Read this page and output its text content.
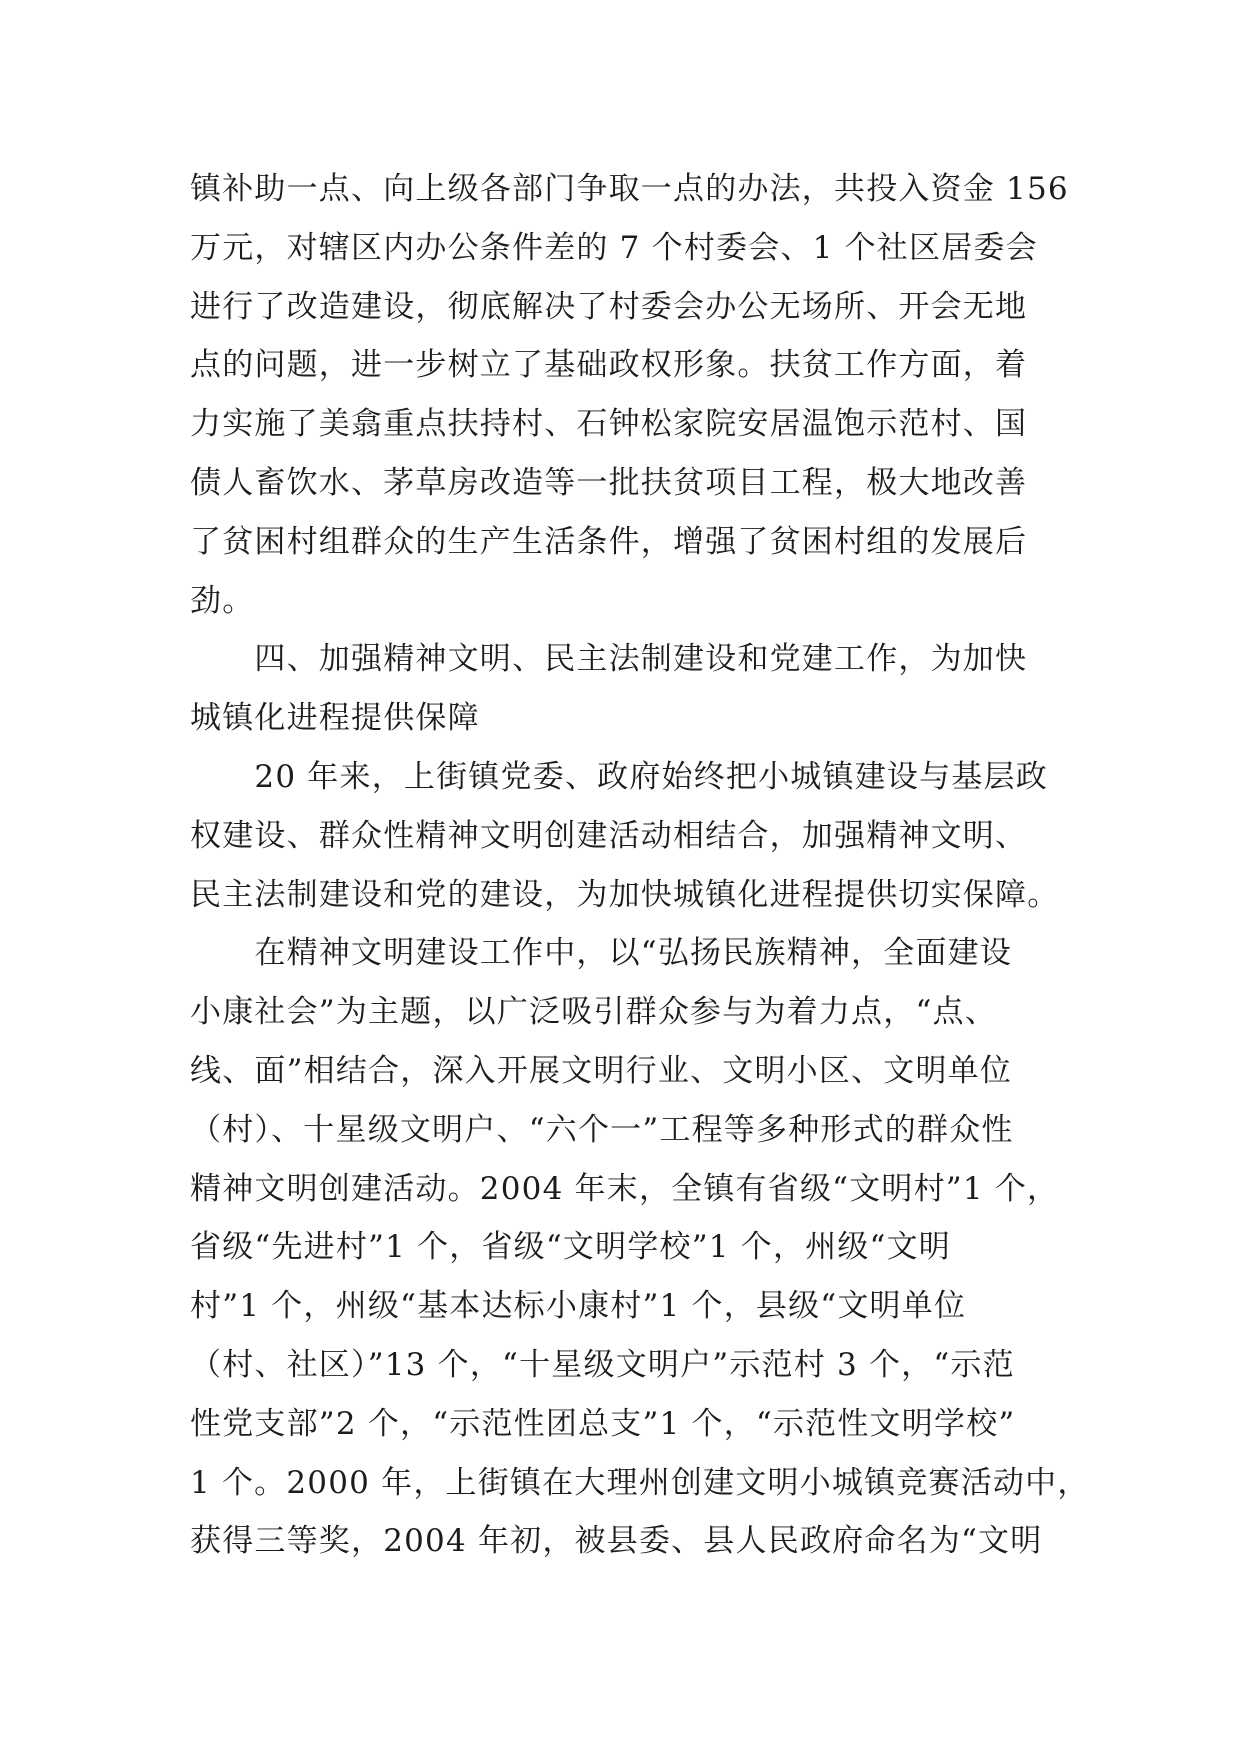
镇补助一点、向上级各部门争取一点的办法，共投入资金 156
万元，对辖区内办公条件差的 7 个村委会、1 个社区居委会
进行了改造建设，彻底解决了村委会办公无场所、开会无地
点的问题，进一步树立了基础政权形象。扶贫工作方面，着
力实施了美翕重点扶持村、石钟松家院安居温饱示范村、国
债人畜饮水、茅草房改造等一批扶贫项目工程，极大地改善
了贫困村组群众的生产生活条件，增强了贫困村组的发展后
劲。
　　四、加强精神文明、民主法制建设和党建工作，为加快
城镇化进程提供保障
　　20 年来，上街镇党委、政府始终把小城镇建设与基层政
权建设、群众性精神文明创建活动相结合，加强精神文明、
民主法制建设和党的建设，为加快城镇化进程提供切实保障。
　　在精神文明建设工作中，以“弘扬民族精神，全面建设
小康社会”为主题，以广泛吸引群众参与为着力点，“点、
线、面”相结合，深入开展文明行业、文明小区、文明单位
（村）、十星级文明户、“六个一”工程等多种形式的群众性
精神文明创建活动。2004 年末，全镇有省级“文明村”1 个，
省级“先进村”1 个，省级“文明学校”1 个，州级“文明
村”1 个，州级“基本达标小康村”1 个，县级“文明单位
（村、社区）”13 个，“十星级文明户”示范村 3 个，“示范
性党支部”2 个，“示范性团总支”1 个，“示范性文明学校”
1 个。2000 年，上街镇在大理州创建文明小城镇竞赛活动中，
获得三等奖，2004 年初，被县委、县人民政府命名为“文明
